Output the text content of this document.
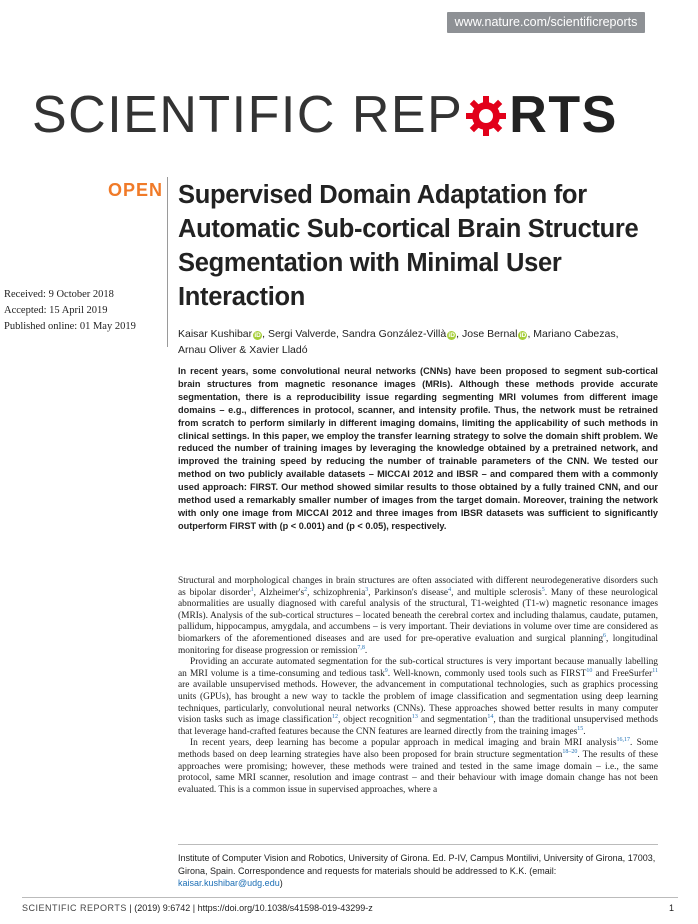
www.nature.com/scientificreports
SCIENTIFIC REP RTS
OPEN Supervised Domain Adaptation for Automatic Sub-cortical Brain Structure Segmentation with Minimal User Interaction
Received: 9 October 2018
Accepted: 15 April 2019
Published online: 01 May 2019
Kaisar Kushibar iD, Sergi Valverde, Sandra González-Villà iD, Jose Bernal iD, Mariano Cabezas,
Arnau Oliver & Xavier Lladó

In recent years, some convolutional neural networks (CNNs) have been proposed to segment sub-cortical brain structures from magnetic resonance images (MRIs). Although these methods provide accurate segmentation, there is a reproducibility issue regarding segmenting MRI volumes from different image domains – e.g., differences in protocol, scanner, and intensity profile. Thus, the network must be retrained from scratch to perform similarly in different imaging domains, limiting the applicability of such methods in clinical settings. In this paper, we employ the transfer learning strategy to solve the domain shift problem. We reduced the number of training images by leveraging the knowledge obtained by a pretrained network, and improved the training speed by reducing the number of trainable parameters of the CNN. We tested our method on two publicly available datasets – MICCAI 2012 and IBSR – and compared them with a commonly used approach: FIRST. Our method showed similar results to those obtained by a fully trained CNN, and our method used a remarkably smaller number of images from the target domain. Moreover, training the network with only one image from MICCAI 2012 and three images from IBSR datasets was sufficient to significantly outperform FIRST with (p < 0.001) and (p < 0.05), respectively.

Structural and morphological changes in brain structures are often associated with different neurodegenerative disorders such as bipolar disorder$^1$, $Alzheimer's^2$, schizophrenia$^3$, Parkinson's disease$^4$, and multiple sclerosis$^5$. Many of these neurological abnormalities are usually diagnosed with careful analysis of the structural, T1-weighted (T1-w) magnetic resonance images (MRIs). Analysis of the sub-cortical structures – located beneath the cerebral cortex and including thalamus, caudate, putamen, pallidum, hippocampus, amygdala, and accumbens – is very important. Their deviations in volume over time are considered as biomarkers of the aforementioned diseases and are used for pre-operative evaluation and surgical planning$^6$, longitudinal monitoring for disease progression or remission$^{7,8}$.

Providing an accurate automated segmentation for the sub-cortical structures is very important because manually labelling an MRI volume is a time-consuming and tedious task$^9$. Well-known, commonly used tools such as FIRST$^{10}$ and FreeSurfer$^{11}$ are available unsupervised methods. However, the advancement in computational technologies, such as graphics processing units (GPUs), has brought a new way to tackle the problem of image classification and segmentation using deep learning techniques, particularly, convolutional neural networks (CNNs). These approaches showed better results in many computer vision tasks such as image classification$^{12}$, object recognition$^{13}$ and segmentation$^{14}$, than the traditional unsupervised methods that leverage hand-crafted features because the CNN features are learned directly from the training images$^{15}$.

In recent years, deep learning has become a popular approach in medical imaging and brain MRI analysis$^{16,17}$. Some methods based on deep learning strategies have also been proposed for brain structure segmentation$^{18-20}$. The results of these approaches were promising; however, these methods were trained and tested in the same image domain – i.e., the same protocol, same MRI scanner, resolution and image contrast – and their behaviour with image domain change has not been evaluated. This is a common issue in supervised approaches, where a

Institute of Computer Vision and Robotics, University of Girona. Ed. P-IV, Campus Montilivi, University of Girona, 17003, Girona, Spain. Correspondence and requests for materials should be addressed to K.K. (email: kaisar.kushibar@udg.edu)
SCIENTIFIC REPORTS | (2019) 9:6742 | https://doi.org/10.1038/s41598-019-43299-z	1
